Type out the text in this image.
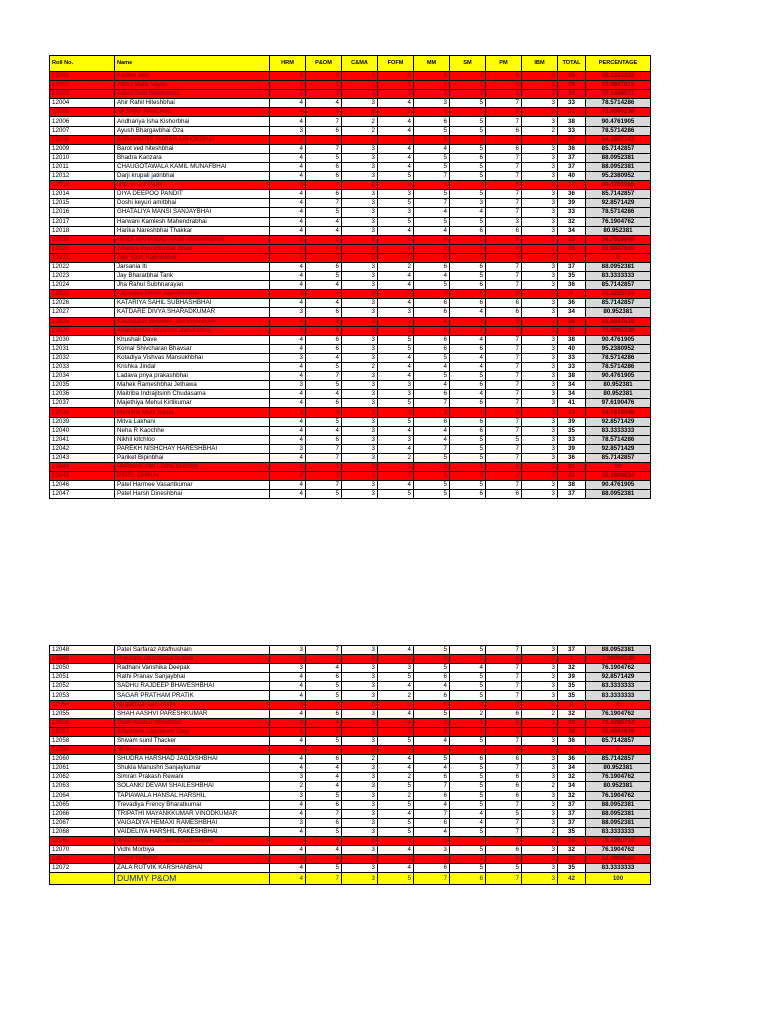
Roll No.	Name	HRM	P&OM	C&MA	FOFM	MM	SM	PM	IBM	TOTAL	PERCENTAGE
12001	Aadhvi Jain	5	5	3	5	5	2	6	5	35	83.3333333
12002	Abdul Malik Vayda	3	5	2	5	5	5	0	3	26	61.9047619
12003	Adam Said Banduwala	4	3	3	3	3	3	6	3	24	57.1428571
12004	Ahir Rahil Hiteshbhai	4	4	3	4	3	5	7	3	33	78.5714286
12005	AKSHAY PANCHAL	4	6	3	3	3	5	7	3	31	73.8095238
12006	Andhariya Isha Kishorbhai	4	7	2	4	6	5	7	3	38	90.4761905
12007	Ayush Bhargavbhai Oza	3	6	2	4	5	5	6	2	33	78.5714286
12008	BARAPATRE HARSH ASHOKBHAI	2	5	2	3	5	5	5	0	27	64.2857143
12009	Barot ved hiteshbhai	4	7	3	4	4	5	6	3	36	85.7142857
12010	Bhadra Kanzara	4	5	3	4	5	6	7	3	37	88.0952381
12011	CHAUGOTAWALA KAMIL MUNAFBHAI	4	6	3	4	5	5	7	3	37	88.0952381
12012	Darji krupali jatinbhai	4	6	3	5	7	5	7	3	40	95.2380952
12013	Dhruvi Anil Patel	0	0	2	3	3	3	5	3	17	40.4761905
12014	DIYA DEEPOO PANDIT	4	6	3	3	5	5	7	3	36	85.7142857
12015	Doshi keyuri amitbhai	4	7	3	5	7	3	7	3	39	92.8571429
12016	GHATALIYA MANSI SANJAYBHAI	4	5	3	3	4	4	7	3	33	78.5714286
12017	Harwani Kamlesh Mahendrabhai	4	4	3	5	5	5	3	3	32	76.1904762
12018	Harika Nareshbhai Thakkar	4	4	3	4	4	6	6	3	34	80.952381
12019	HINDI MAHAMAD NAIM ANAVARBHAI	3	2	3	3	4	5	0	3	23	54.7619048
12020	Ishanya Piyushkumar Bhatt	4	6	3	4	2	5	0	2	26	61.9047619
12021	Jain Yash Rajeshbhai	0	0	0	0	0	0	0	0	0	0
12022	Jarsania Iti	4	6	3	2	6	6	7	3	37	88.0952381
12023	Jay Bharatbhai Tank	4	5	3	4	4	5	7	3	35	83.3333333
12024	Jha Rahul Subhnarayan	4	4	3	4	5	6	7	3	36	85.7142857
12025	Kapadiya Dhruv Jayeshkumar	3	4	0	0	0	5	0	0	9	21.4285714
12026	KATARIYA SAHIL SUBHASHBHAI	4	4	3	4	6	6	6	3	36	85.7142857
12027	KATDARE DIVYA SHARADKUMAR	3	6	3	3	6	4	6	3	34	80.952381
12028	KAUNDAR BHARAT JAYSHANKAR	4	6	3	3	4	3	0	3	26	61.9047619
12029	Khandheliya priyanshi jitendrabhai	3	6	3	3	5	7	7	3	31	73.8095238
12030	Khushali Dave	4	6	3	5	6	4	7	3	38	90.4761905
12031	Komal Shivcharan Bhavsar	4	6	3	5	6	6	7	3	40	95.2380952
12032	Kotadiya Vishvas Mansukhbhai	3	4	3	4	5	4	7	3	33	78.5714286
12033	Krishka Jindal	4	5	2	4	4	4	7	3	33	78.5714286
12034	Ladava priya prakashbhai	4	7	3	4	5	5	7	3	38	90.4761905
12035	Mahek Rameshbhai Jethawa	3	5	3	3	4	6	7	3	34	80.952381
12036	Maitriba Indrajitsinh Chudasama	4	4	3	3	6	4	7	3	34	80.952381
12037	Majethiya Mehul Kirtikumar	4	6	3	5	7	6	7	3	41	97.6190476
12038	Manisha Murli Sarda	3	5	3	3	3	4	0	2	23	54.7619048
12039	Mitva Lakhani	4	5	3	5	6	6	7	3	39	92.8571429
12040	Neha R Kaochhe	4	4	3	4	4	6	7	3	35	83.3333333
12041	Nikhil kitchloo	4	6	3	3	4	5	5	3	33	78.5714286
12042	PAREKH NISHCHAY HARESHBHAI	3	7	3	4	7	5	7	3	39	92.8571429
12043	Pariket Bipinbhai	4	7	3	2	5	5	7	3	36	85.7142857
12044	PARMAR AMIT DINESHBHAI	3	5	3	3	3	5	0	3	21	50
12045	PATEL DHRUV	2	3	3	2	3	5	2	2	22	52.3809524
12046	Patel Harmee Vasantkumar	4	7	3	4	5	5	7	3	38	90.4761905
12047	Patel Harsh Dineshbhai	4	5	3	5	5	6	6	3	37	88.0952381
12048	Patel Sarfaraz Altafhushain	3	7	3	4	5	5	7	3	37	88.0952381
12049	Prashant Gandhimal Bothra	0	0	0	0	0	0	0	0	1	2.38095238
12050	Radhani Vanshika Deepak	3	4	3	3	5	4	7	3	32	76.1904762
12051	Rathi Pranav Sanjaybhai	4	6	3	5	6	5	7	3	39	92.8571429
12052	SADHU RAJDEEP BHAVESHBHAI	4	5	3	4	4	5	7	3	35	83.3333333
12053	SAGAR PRATHAM PRATIK	4	5	3	2	6	5	7	3	35	83.3333333
12054	Sagathiya sumi rasjbi	0	0	0	0	0	0	0	0	0	0
12055	SHAH AASHVI PARESHKUMAR	4	6	3	4	5	2	6	2	32	76.1904762
12056	Shah Kushal Vimalbhai	4	4	3	4	3	5	0	3	30	71.4285714
12057	Shashank Laxmikant Gaur	4	4	3	3	5	4	0	3	26	61.9047619
12058	Shivam sunil Thacker	4	5	3	5	4	5	7	3	36	85.7142857
12059	Shrimiya Adarsh Vikasbhai	0	0	0	0	0	0	0	0	0	0
12060	SHUDRA HARSHAD JAGDISHBHAI	4	6	2	4	5	6	6	3	36	85.7142857
12061	Shukla Manushri Sanjaykumar	4	4	3	4	4	5	7	3	34	80.952381
12062	Simran Prakash Rewani	3	4	3	2	6	5	6	3	32	76.1904762
12063	SOLANKI DEVAM SHAILESHBHAI	2	4	3	5	7	5	6	2	34	80.952381
12064	TAPIAWALA HANSAL HARSHIL	3	5	3	2	6	5	6	3	32	76.1904762
12065	Trevadiya Frency Bharatkumar	4	6	3	5	4	5	7	3	37	88.0952381
12066	TRIPATHI MAYANKKUMAR VINODKUMAR	4	7	3	4	7	4	5	3	37	88.0952381
12067	VAIGADIYA HEMAXI RAMESHBHAI	3	6	3	5	6	4	7	3	37	88.0952381
12068	VAIDELIYA HARSHIL RAKESHBHAI	4	5	3	5	4	5	7	2	35	83.3333333
12069	VANIYA AMITUL NARENDRABHAI	3	5	3	5	5	3	0	3	30	71.4285714
12070	Vidhi Morbiya	4	4	3	4	3	5	6	3	32	76.1904762
12071	VIJAY KUMAR	4	4	3	3	3	2	0	3	22	52.3809524
12072	ZALA RUTVIK KARSHANBHAI	4	5	3	4	6	5	5	3	35	83.3333333
	DUMMY P&OM	4	7	3	5	7	6	7	3	42	100
